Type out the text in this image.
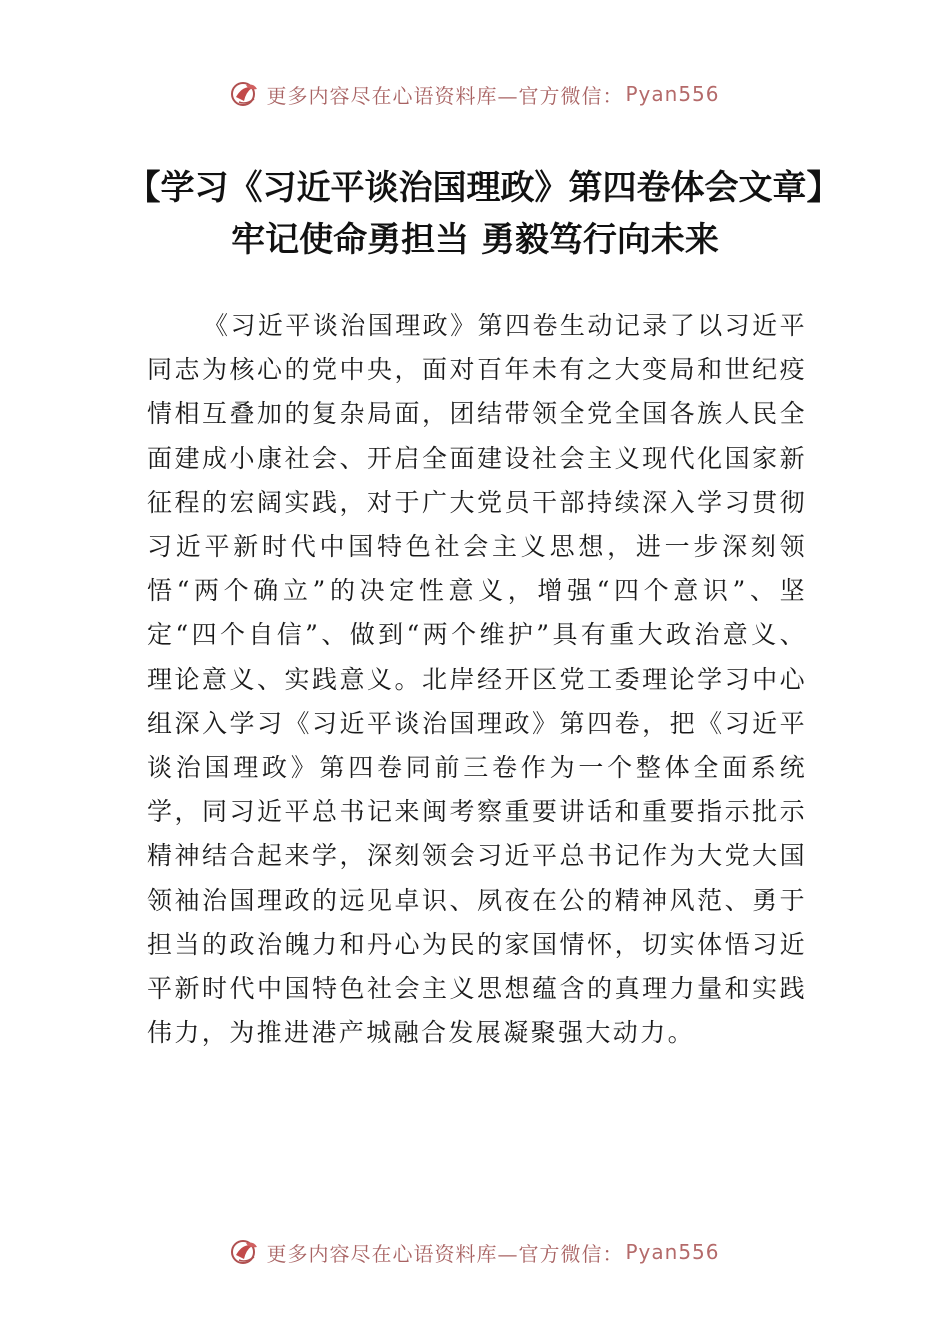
更多内容尽在心语资料库—官方微信： Pyan556
【学习《习近平谈治国理政》第四卷体会文章】牢记使命勇担当 勇毅笃行向未来

《习近平谈治国理政》第四卷生动记录了以习近平同志为核心的党中央，面对百年未有之大变局和世纪疫情相互叠加的复杂局面，团结带领全党全国各族人民全面建成小康社会、开启全面建设社会主义现代化国家新征程的宏阔实践，对于广大党员干部持续深入学习贯彻习近平新时代中国特色社会主义思想，进一步深刻领悟“两个确立”的决定性意义，增强“四个意识”、坚定“四个自信”、做到“两个维护”具有重大政治意义、理论意义、实践意义。北岸经开区党工委理论学习中心组深入学习《习近平谈治国理政》第四卷，把《习近平谈治国理政》第四卷同前三卷作为一个整体全面系统学，同习近平总书记来闽考察重要讲话和重要指示批示精神结合起来学，深刻领会习近平总书记作为大党大国领袖治国理政的远见卓识、夙夜在公的精神风范、勇于担当的政治魄力和丹心为民的家国情怀，切实体悟习近平新时代中国特色社会主义思想蕴含的真理力量和实践伟力，为推进港产城融合发展凝聚强大动力。

更多内容尽在心语资料库—官方微信： Pyan556
